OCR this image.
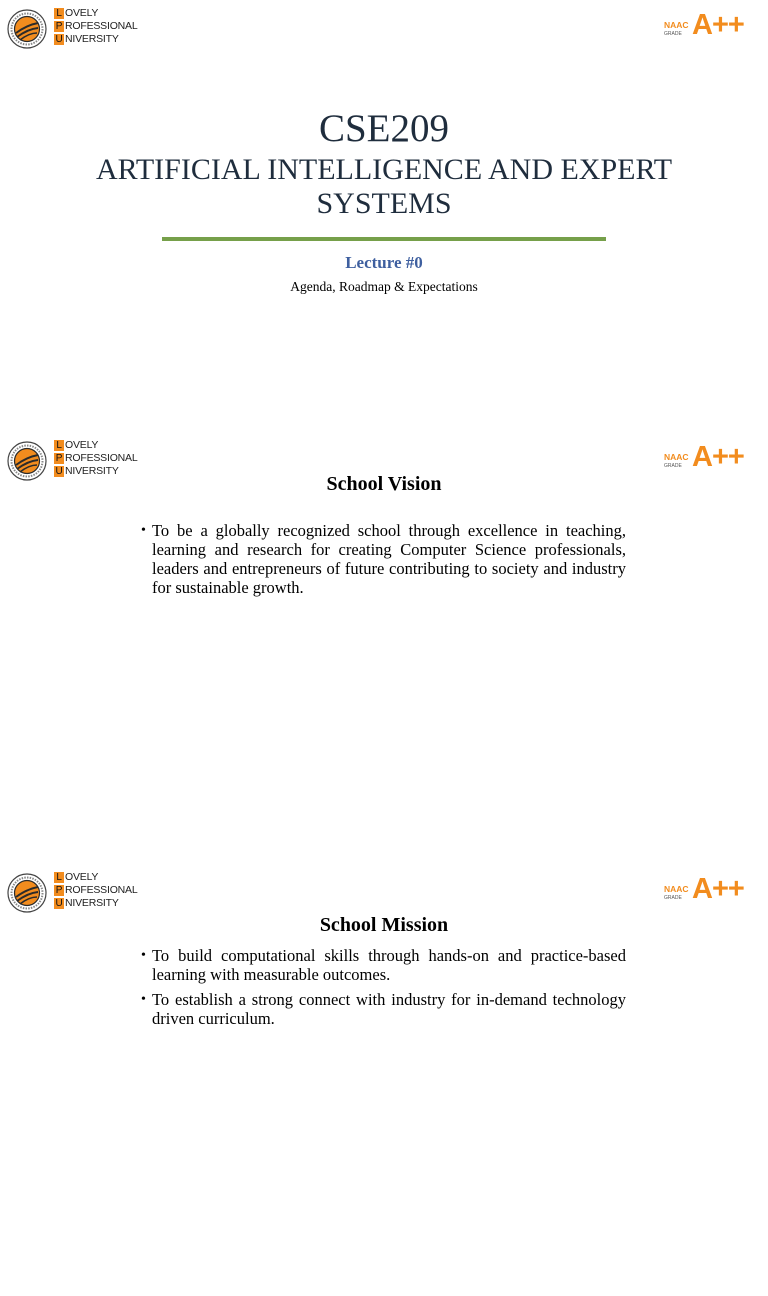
L OVELY
P ROFESSIONAL
U NIVERSITY
NAAC
GRADE A++
CSE209
ARTIFICIAL INTELLIGENCE AND EXPERT SYSTEMS
Lecture #0
Agenda, Roadmap & Expectations
L OVELY
P ROFESSIONAL
U NIVERSITY
NAAC
GRADE A++
School Vision
• To be a globally recognized school through excellence in teaching, learning and research for creating Computer Science professionals, leaders and entrepreneurs of future contributing to society and industry for sustainable growth.
L OVELY
P ROFESSIONAL
U NIVERSITY
NAAC
GRADE A++
School Mission
• To build computational skills through hands-on and practice-based learning with measurable outcomes.
• To establish a strong connect with industry for in-demand technology driven curriculum.
